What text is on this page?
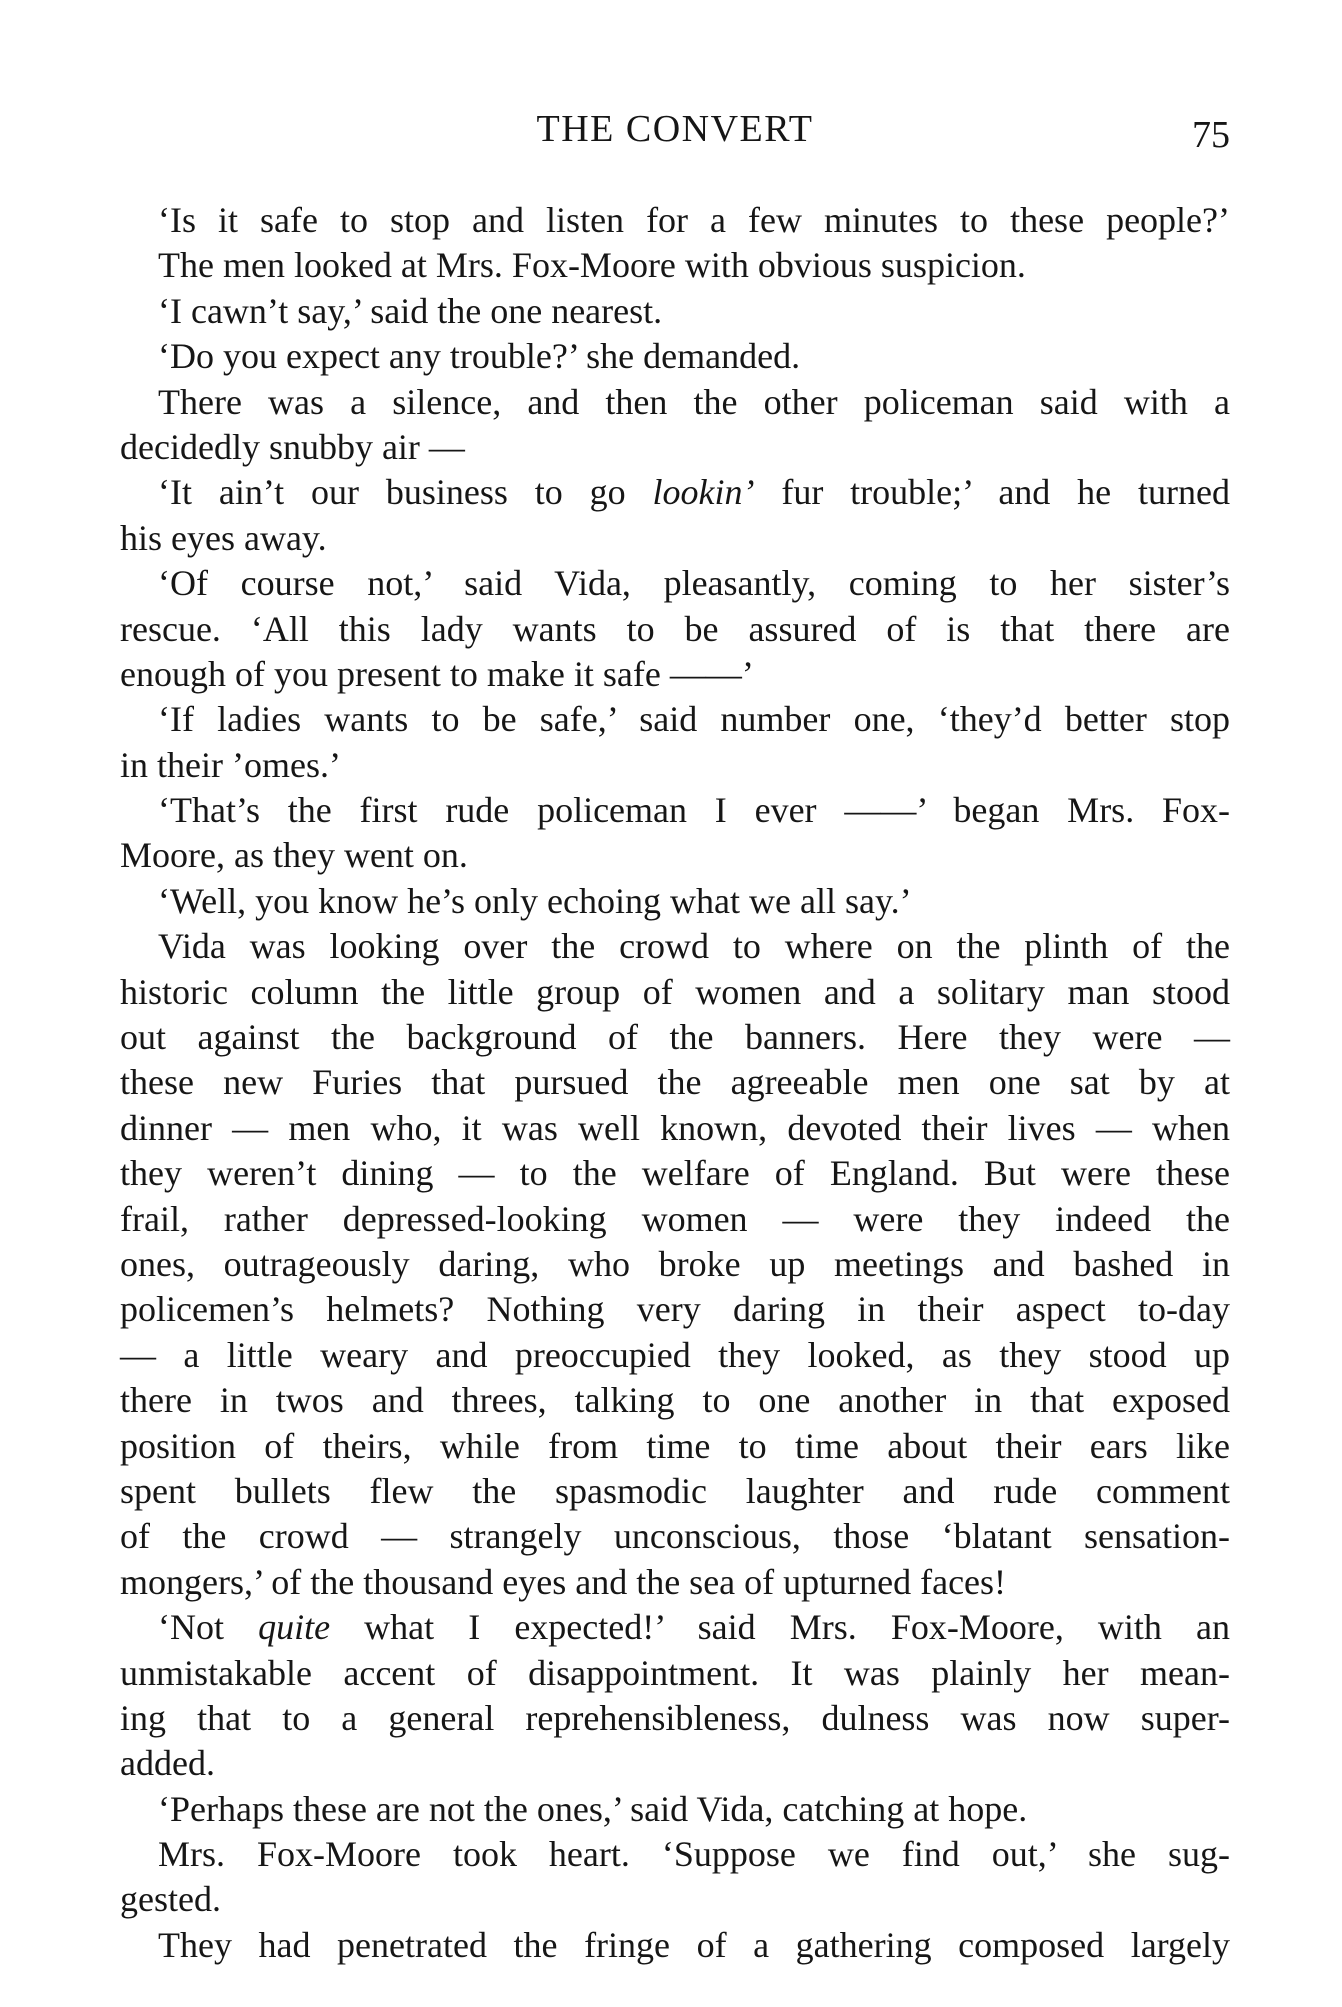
THE CONVERT	75
‘Is it safe to stop and listen for a few minutes to these people?’
The men looked at Mrs. Fox-Moore with obvious suspicion.
‘I cawn’t say,’ said the one nearest.
‘Do you expect any trouble?’ she demanded.
There was a silence, and then the other policeman said with a
decidedly snubby air —
‘It ain’t our business to go lookin’ fur trouble;’ and he turned
his eyes away.
‘Of course not,’ said Vida, pleasantly, coming to her sister’s
rescue. ‘All this lady wants to be assured of is that there are
enough of you present to make it safe ——’
‘If ladies wants to be safe,’ said number one, ‘they’d better stop
in their ’omes.’
‘That’s the first rude policeman I ever ——’ began Mrs. Fox-
Moore, as they went on.
‘Well, you know he’s only echoing what we all say.’
Vida was looking over the crowd to where on the plinth of the
historic column the little group of women and a solitary man stood
out against the background of the banners. Here they were —
these new Furies that pursued the agreeable men one sat by at
dinner — men who, it was well known, devoted their lives — when
they weren’t dining — to the welfare of England. But were these
frail, rather depressed-looking women — were they indeed the
ones, outrageously daring, who broke up meetings and bashed in
policemen’s helmets? Nothing very daring in their aspect to-day
— a little weary and preoccupied they looked, as they stood up
there in twos and threes, talking to one another in that exposed
position of theirs, while from time to time about their ears like
spent bullets flew the spasmodic laughter and rude comment
of the crowd — strangely unconscious, those ‘blatant sensation-
mongers,’ of the thousand eyes and the sea of upturned faces!
‘Not quite what I expected!’ said Mrs. Fox-Moore, with an
unmistakable accent of disappointment. It was plainly her mean-
ing that to a general reprehensibleness, dulness was now super-
added.
‘Perhaps these are not the ones,’ said Vida, catching at hope.
Mrs. Fox-Moore took heart. ‘Suppose we find out,’ she sug-
gested.
They had penetrated the fringe of a gathering composed largely
